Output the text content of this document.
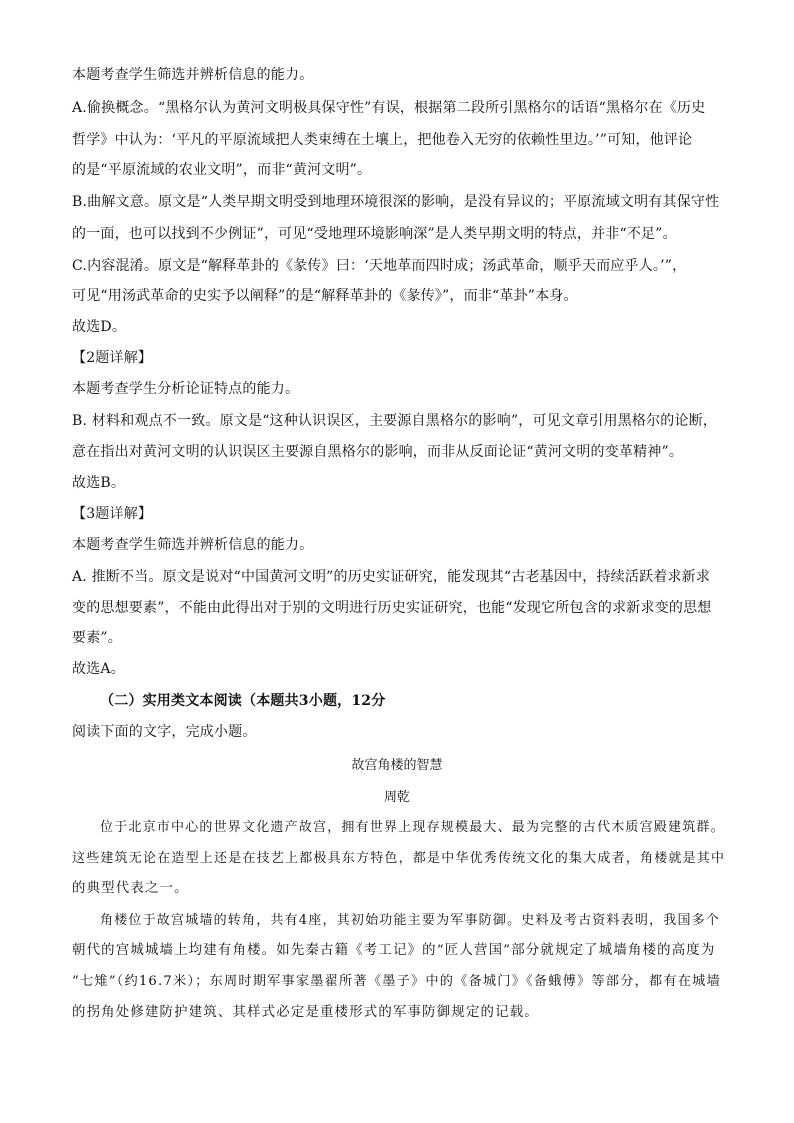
本题考查学生筛选并辨析信息的能力。
A.偷换概念。“黑格尔认为黄河文明极具保守性”有误，根据第二段所引黑格尔的话语“黑格尔在《历史
哲学》中认为：‘平凡的平原流域把人类束缚在土壤上，把他卷入无穷的依赖性里边。’”可知，他评论
的是“平原流域的农业文明”，而非“黄河文明”。
B.曲解文意。原文是“人类早期文明受到地理环境很深的影响，是没有异议的；平原流域文明有其保守性
的一面，也可以找到不少例证”，可见“受地理环境影响深”是人类早期文明的特点，并非“不足”。
C.内容混淆。原文是“解释革卦的《彖传》曰：‘天地革而四时成；汤武革命，顺乎天而应乎人。’”，
可见“用汤武革命的史实予以阐释”的是“解释革卦的《彖传》”，而非“革卦”本身。
故选D。
【2题详解】
本题考查学生分析论证特点的能力。
B. 材料和观点不一致。原文是“这种认识误区，主要源自黑格尔的影响”，可见文章引用黑格尔的论断，
意在指出对黄河文明的认识误区主要源自黑格尔的影响，而非从反面论证“黄河文明的变革精神”。
故选B。
【3题详解】
本题考查学生筛选并辨析信息的能力。
A. 推断不当。原文是说对“中国黄河文明”的历史实证研究，能发现其“古老基因中，持续活跃着求新求
变的思想要素”，不能由此得出对于别的文明进行历史实证研究，也能“发现它所包含的求新求变的思想
要素”。
故选A。
（二）实用类文本阅读（本题共3小题，12分
阅读下面的文字，完成小题。
故宫角楼的智慧
周乾
位于北京市中心的世界文化遗产故宫，拥有世界上现存规模最大、最为完整的古代木质宫殿建筑群。
这些建筑无论在造型上还是在技艺上都极具东方特色，都是中华优秀传统文化的集大成者，角楼就是其中
的典型代表之一。
角楼位于故宫城墙的转角，共有4座，其初始功能主要为军事防御。史料及考古资料表明，我国多个
朝代的宫城城墙上均建有角楼。如先秦古籍《考工记》的“匠人营国”部分就规定了城墙角楼的高度为
“七雉”（约16.7米）；东周时期军事家墨翟所著《墨子》中的《备城门》《备蛾傅》等部分，都有在城墙
的拐角处修建防护建筑、其样式必定是重楼形式的军事防御规定的记载。
